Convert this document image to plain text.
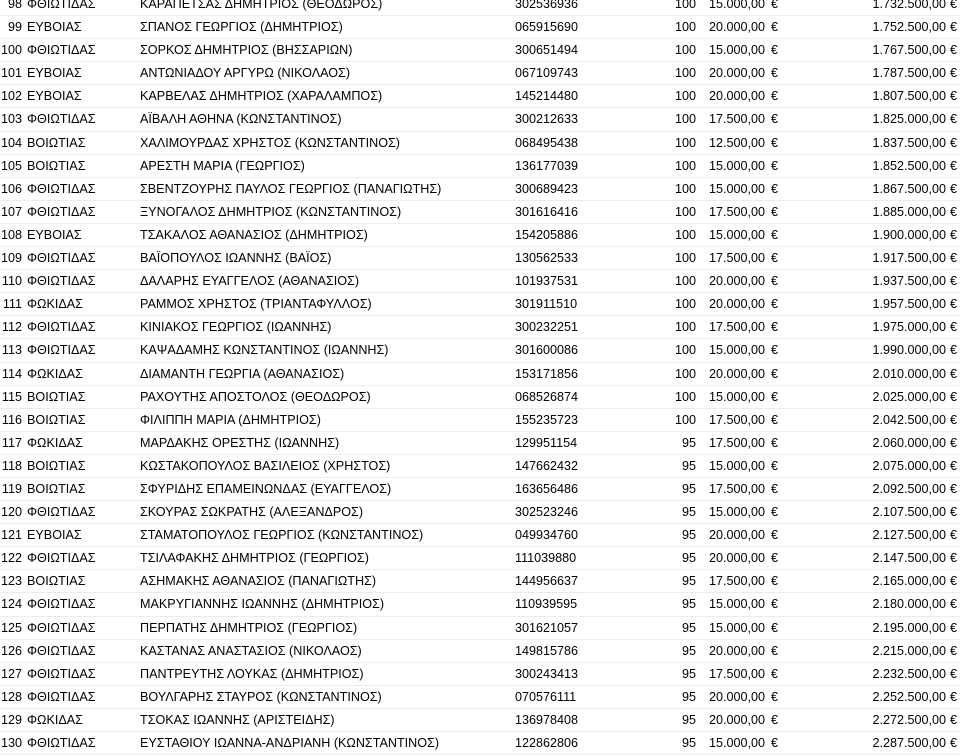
98 ΦΘΙΩΤΙΔΑΣ	ΚΑΡΑΠΕΤΣΑΣ ΔΗΜΗΤΡΙΟΣ (ΘΕΟΔΩΡΟΣ)	302536936	100 15.000,00 €	1.732.500,00 €
99 ΕΥΒΟΙΑΣ	ΣΠΑΝΟΣ ΓΕΩΡΓΙΟΣ (ΔΗΜΗΤΡΙΟΣ)	065915690	100 20.000,00 €	1.752.500,00 €
100 ΦΘΙΩΤΙΔΑΣ	ΣΟΡΚΟΣ ΔΗΜΗΤΡΙΟΣ (ΒΗΣΣΑΡΙΩΝ)	300651494	100 15.000,00 €	1.767.500,00 €
101 ΕΥΒΟΙΑΣ	ΑΝΤΩΝΙΑΔΟΥ ΑΡΓΥΡΩ (ΝΙΚΟΛΑΟΣ)	067109743	100 20.000,00 €	1.787.500,00 €
102 ΕΥΒΟΙΑΣ	ΚΑΡΒΕΛΑΣ ΔΗΜΗΤΡΙΟΣ (ΧΑΡΑΛΑΜΠΟΣ)	145214480	100 20.000,00 €	1.807.500,00 €
103 ΦΘΙΩΤΙΔΑΣ	ΑΪΒΑΛΗ ΑΘΗΝΑ (ΚΩΝΣΤΑΝΤΙΝΟΣ)	300212633	100 17.500,00 €	1.825.000,00 €
104 ΒΟΙΩΤΙΑΣ	ΧΑΛΙΜΟΥΡΔΑΣ ΧΡΗΣΤΟΣ (ΚΩΝΣΤΑΝΤΙΝΟΣ)	068495438	100 12.500,00 €	1.837.500,00 €
105 ΒΟΙΩΤΙΑΣ	ΑΡΕΣΤΗ ΜΑΡΙΑ (ΓΕΩΡΓΙΟΣ)	136177039	100 15.000,00 €	1.852.500,00 €
106 ΦΘΙΩΤΙΔΑΣ	ΣΒΕΝΤΖΟΥΡΗΣ ΠΑΥΛΟΣ ΓΕΩΡΓΙΟΣ (ΠΑΝΑΓΙΩΤΗΣ)	300689423	100 15.000,00 €	1.867.500,00 €
107 ΦΘΙΩΤΙΔΑΣ	ΞΥΝΟΓΑΛΟΣ ΔΗΜΗΤΡΙΟΣ (ΚΩΝΣΤΑΝΤΙΝΟΣ)	301616416	100 17.500,00 €	1.885.000,00 €
108 ΕΥΒΟΙΑΣ	ΤΣΑΚΑΛΟΣ ΑΘΑΝΑΣΙΟΣ (ΔΗΜΗΤΡΙΟΣ)	154205886	100 15.000,00 €	1.900.000,00 €
109 ΦΘΙΩΤΙΔΑΣ	ΒΑΪΟΠΟΥΛΟΣ ΙΩΑΝΝΗΣ (ΒΑΪΟΣ)	130562533	100 17.500,00 €	1.917.500,00 €
110 ΦΘΙΩΤΙΔΑΣ	ΔΑΛΑΡΗΣ ΕΥΑΓΓΕΛΟΣ (ΑΘΑΝΑΣΙΟΣ)	101937531	100 20.000,00 €	1.937.500,00 €
111 ΦΩΚΙΔΑΣ	ΡΑΜΜΟΣ ΧΡΗΣΤΟΣ (ΤΡΙΑΝΤΑΦΥΛΛΟΣ)	301911510	100 20.000,00 €	1.957.500,00 €
112 ΦΘΙΩΤΙΔΑΣ	ΚΙΝΙΑΚΟΣ ΓΕΩΡΓΙΟΣ (ΙΩΑΝΝΗΣ)	300232251	100 17.500,00 €	1.975.000,00 €
113 ΦΘΙΩΤΙΔΑΣ	ΚΑΨΑΔΑΜΗΣ ΚΩΝΣΤΑΝΤΙΝΟΣ (ΙΩΑΝΝΗΣ)	301600086	100 15.000,00 €	1.990.000,00 €
114 ΦΩΚΙΔΑΣ	ΔΙΑΜΑΝΤΗ ΓΕΩΡΓΙΑ (ΑΘΑΝΑΣΙΟΣ)	153171856	100 20.000,00 €	2.010.000,00 €
115 ΒΟΙΩΤΙΑΣ	ΡΑΧΟΥΤΗΣ ΑΠΟΣΤΟΛΟΣ (ΘΕΟΔΩΡΟΣ)	068526874	100 15.000,00 €	2.025.000,00 €
116 ΒΟΙΩΤΙΑΣ	ΦΙΛΙΠΠΗ ΜΑΡΙΑ (ΔΗΜΗΤΡΙΟΣ)	155235723	100 17.500,00 €	2.042.500,00 €
117 ΦΩΚΙΔΑΣ	ΜΑΡΔΑΚΗΣ ΟΡΕΣΤΗΣ (ΙΩΑΝΝΗΣ)	129951154	95 17.500,00 €	2.060.000,00 €
118 ΒΟΙΩΤΙΑΣ	ΚΩΣΤΑΚΟΠΟΥΛΟΣ ΒΑΣΙΛΕΙΟΣ (ΧΡΗΣΤΟΣ)	147662432	95 15.000,00 €	2.075.000,00 €
119 ΒΟΙΩΤΙΑΣ	ΣΦΥΡΙΔΗΣ ΕΠΑΜΕΙΝΩΝΔΑΣ (ΕΥΑΓΓΕΛΟΣ)	163656486	95 17.500,00 €	2.092.500,00 €
120 ΦΘΙΩΤΙΔΑΣ	ΣΚΟΥΡΑΣ ΣΩΚΡΑΤΗΣ (ΑΛΕΞΑΝΔΡΟΣ)	302523246	95 15.000,00 €	2.107.500,00 €
121 ΕΥΒΟΙΑΣ	ΣΤΑΜΑΤΟΠΟΥΛΟΣ ΓΕΩΡΓΙΟΣ (ΚΩΝΣΤΑΝΤΙΝΟΣ)	049934760	95 20.000,00 €	2.127.500,00 €
122 ΦΘΙΩΤΙΔΑΣ	ΤΣΙΛΑΦΑΚΗΣ ΔΗΜΗΤΡΙΟΣ (ΓΕΩΡΓΙΟΣ)	111039880	95 20.000,00 €	2.147.500,00 €
123 ΒΟΙΩΤΙΑΣ	ΑΣΗΜΑΚΗΣ ΑΘΑΝΑΣΙΟΣ (ΠΑΝΑΓΙΩΤΗΣ)	144956637	95 17.500,00 €	2.165.000,00 €
124 ΦΘΙΩΤΙΔΑΣ	ΜΑΚΡΥΓΙΑΝΝΗΣ ΙΩΑΝΝΗΣ (ΔΗΜΗΤΡΙΟΣ)	110939595	95 15.000,00 €	2.180.000,00 €
125 ΦΘΙΩΤΙΔΑΣ	ΠΕΡΠΑΤΗΣ ΔΗΜΗΤΡΙΟΣ (ΓΕΩΡΓΙΟΣ)	301621057	95 15.000,00 €	2.195.000,00 €
126 ΦΘΙΩΤΙΔΑΣ	ΚΑΣΤΑΝΑΣ ΑΝΑΣΤΑΣΙΟΣ (ΝΙΚΟΛΑΟΣ)	149815786	95 20.000,00 €	2.215.000,00 €
127 ΦΘΙΩΤΙΔΑΣ	ΠΑΝΤΡΕΥΤΗΣ ΛΟΥΚΑΣ (ΔΗΜΗΤΡΙΟΣ)	300243413	95 17.500,00 €	2.232.500,00 €
128 ΦΘΙΩΤΙΔΑΣ	ΒΟΥΛΓΑΡΗΣ ΣΤΑΥΡΟΣ (ΚΩΝΣΤΑΝΤΙΝΟΣ)	070576111	95 20.000,00 €	2.252.500,00 €
129 ΦΩΚΙΔΑΣ	ΤΣΟΚΑΣ ΙΩΑΝΝΗΣ (ΑΡΙΣΤΕΙΔΗΣ)	136978408	95 20.000,00 €	2.272.500,00 €
130 ΦΘΙΩΤΙΔΑΣ	ΕΥΣΤΑΘΙΟΥ ΙΩΑΝΝΑ-ΑΝΔΡΙΑΝΗ (ΚΩΝΣΤΑΝΤΙΝΟΣ)	122862806	95 15.000,00 €	2.287.500,00 €
